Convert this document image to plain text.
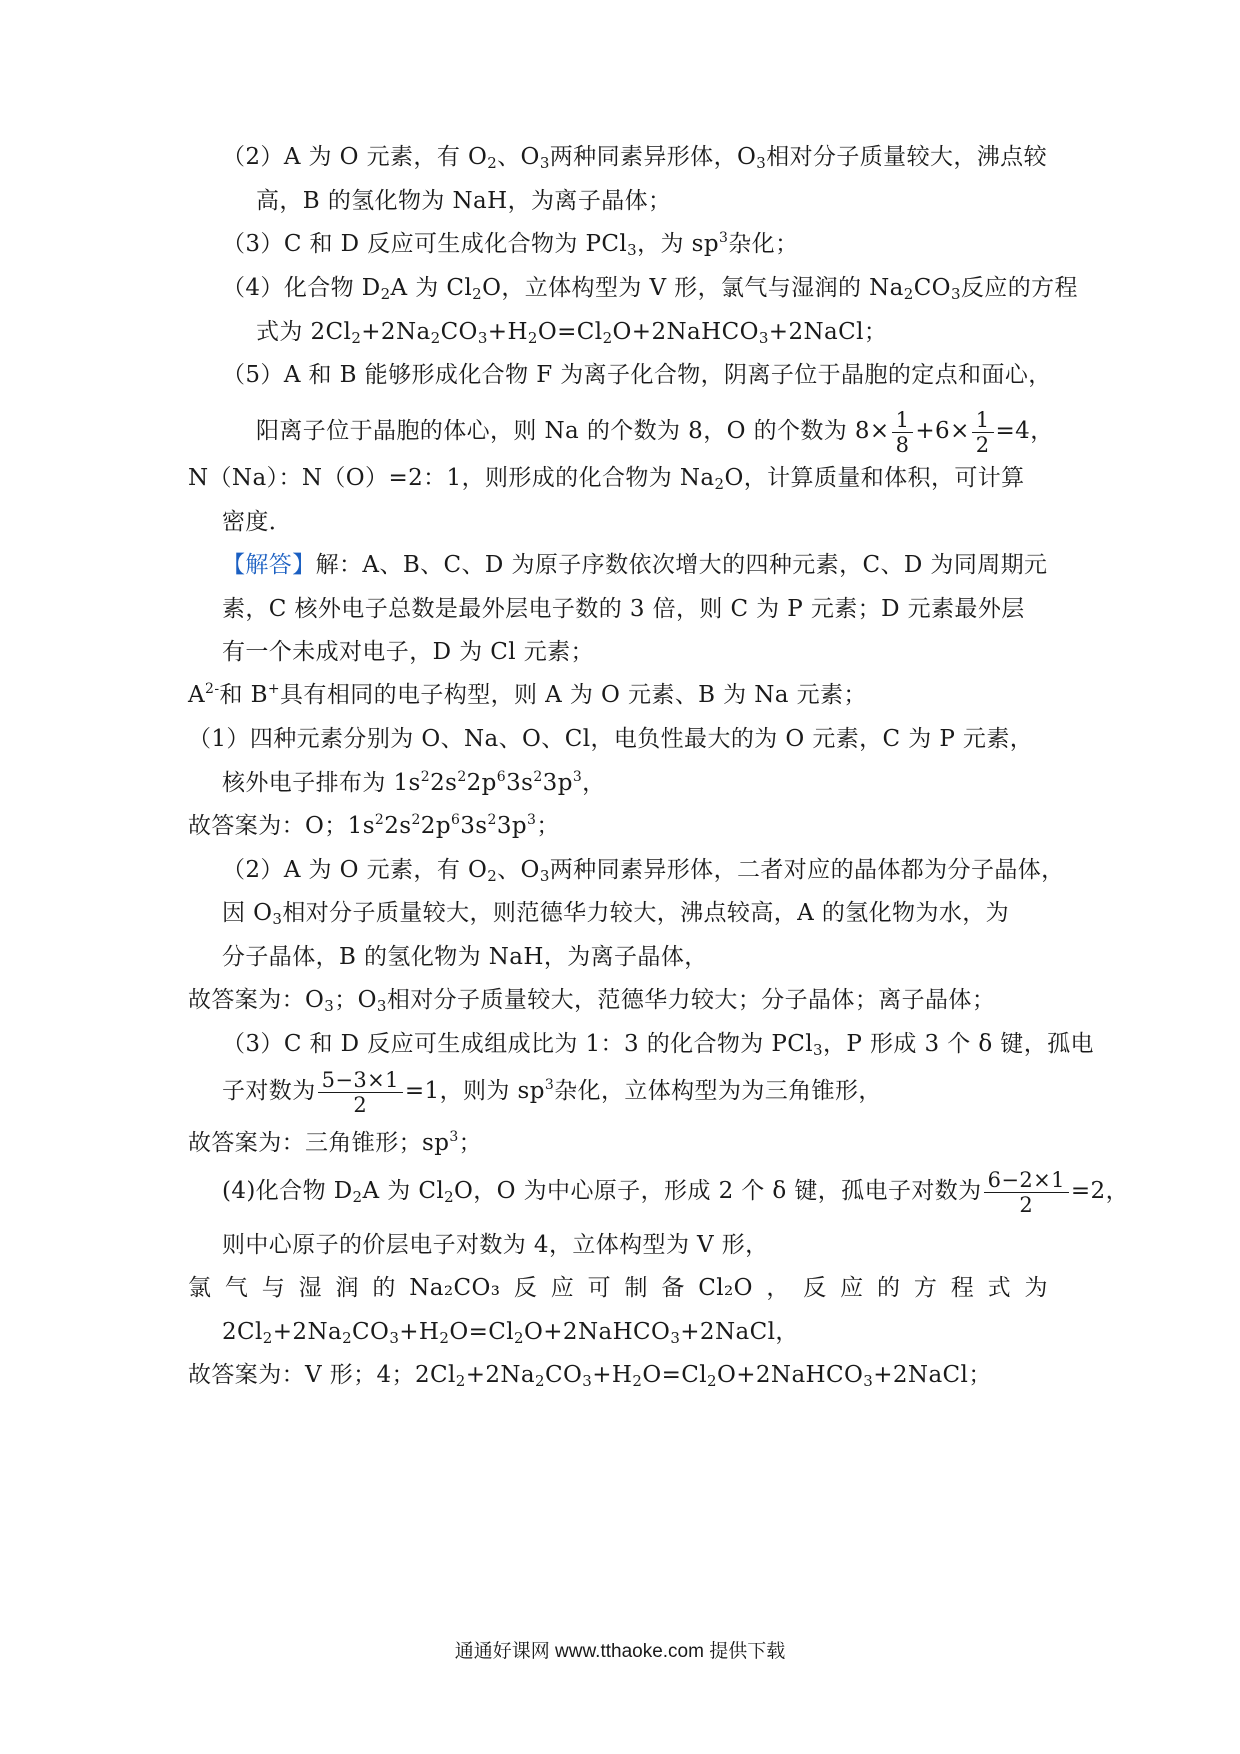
（2）A 为 O 元素，有 $O_2$、$O_3$两种同素异形体，$O_3$相对分子质量较大，沸点较
高，B 的氢化物为 NaH，为离子晶体；
（3）C 和 D 反应可生成化合物为 PCl$_3$，为 $sp^3$杂化；
（4）化合物 $D_2A$ 为 $Cl_2O$，立体构型为 V 形，氯气与湿润的 $Na_2CO_3$反应的方程
式为 $2Cl_2+2Na_2CO_3+H_2O=Cl_2O+2NaHCO_3+2NaCl$；
（5）A 和 B 能够形成化合物 F 为离子化合物，阴离子位于晶胞的定点和面心，
阳离子位于晶胞的体心，则 Na 的个数为 8，O 的个数为 $8\times \frac{1}{8} +6\times \frac{1}{2} =4$，
N（Na）：N（O）=2：1，则形成的化合物为 $Na_2O$，计算质量和体积，可计算
密度．
【解答】解：A、B、C、D 为原子序数依次增大的四种元素，C、D 为同周期元
素，C 核外电子总数是最外层电子数的 3 倍，则 C 为 P 元素；D 元素最外层
有一个未成对电子，D 为 Cl 元素；
$A^{2-}$和 B+具有相同的电子构型，则 A 为 O 元素、B 为 Na 元素；
（1）四种元素分别为 O、Na、O、Cl，电负性最大的为 O 元素，C 为 P 元素，
核外电子排布为 $1s^22s^22p^63s^23p^3$，
故答案为：O；$1s^22s^22p^63s^23p^3$；
（2）A 为 O 元素，有 $O_2$、$O_3$两种同素异形体，二者对应的晶体都为分子晶体，
因 $O_3$相对分子质量较大，则范德华力较大，沸点较高，A 的氢化物为水，为
分子晶体，B 的氢化物为 NaH，为离子晶体，
故答案为：$O_3$；$O_3$相对分子质量较大，范德华力较大；分子晶体；离子晶体；
（3）C 和 D 反应可生成组成比为 1：3 的化合物为 PCl$_3$，P 形成 3 个 δ 键，孤电
子对数为 $\frac{5-3\times 1}{2} =1$，则为 $sp^3$杂化，立体构型为为三角锥形，
故答案为：三角锥形；$sp^3$；
(4)化合物 $D_2A$ 为 $Cl_2O$，O 为中心原子，形成 2 个 δ 键，孤电子对数为 $\frac{6-2\times 1}{2} =2$，
则中心原子的价层电子对数为 4，立体构型为 V 形，
氯 气 与 湿 润 的 Na₂CO₃ 反 应 可 制 备 Cl₂O ， 反 应 的 方 程 式 为
$2Cl_2+2Na_2CO_3+H_2O=Cl_2O+2NaHCO_3+2NaCl$，
故答案为：V 形；4；$2Cl_2+2Na_2CO_3+H_2O=Cl_2O+2NaHCO_3+2NaCl$；
通通好课网 www.tthaoke.com 提供下载
